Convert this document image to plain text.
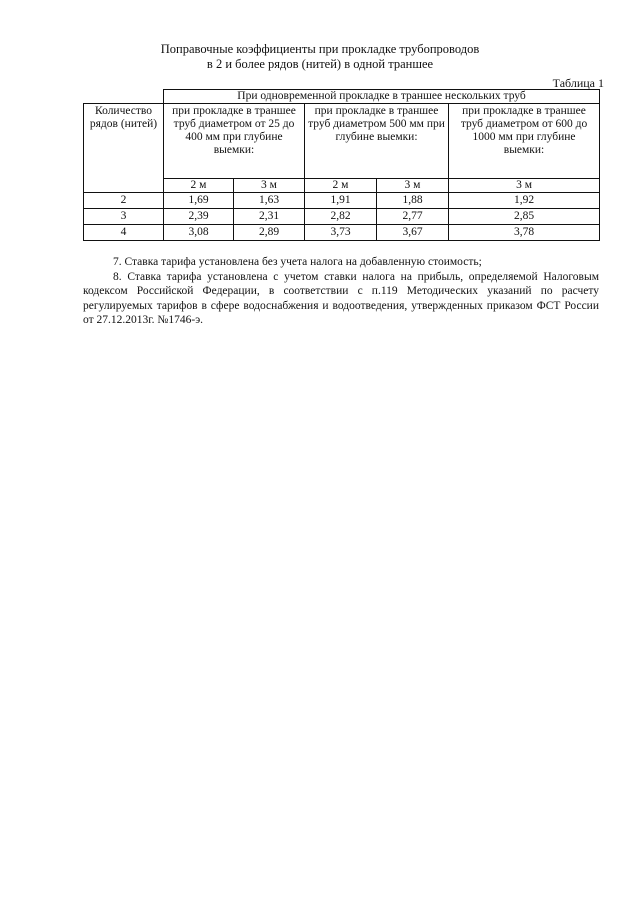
Поправочные коэффициенты при прокладке трубопроводов
в 2 и более рядов (нитей) в одной траншее
Таблица 1
	При одновременной прокладке в траншее нескольких труб				
Количество рядов (нитей)	при прокладке в траншее труб диаметром от 25 до 400 мм при глубине выемки:		при прокладке в траншее труб диаметром 500 мм при глубине выемки:		при прокладке в траншее труб диаметром от 600 до 1000 мм при глубине выемки:
	2 м	3 м	2 м	3 м	3 м
2	1,69	1,63	1,91	1,88	1,92
3	2,39	2,31	2,82	2,77	2,85
4	3,08	2,89	3,73	3,67	3,78

7. Ставка тарифа установлена без учета налога на добавленную стоимость;

8. Ставка тарифа установлена с учетом ставки налога на прибыль, определяемой Налоговым кодексом Российской Федерации, в соответствии с п.119 Методических указаний по расчету регулируемых тарифов в сфере водоснабжения и водоотведения, утвержденных приказом ФСТ России от 27.12.2013г. №1746-э.
